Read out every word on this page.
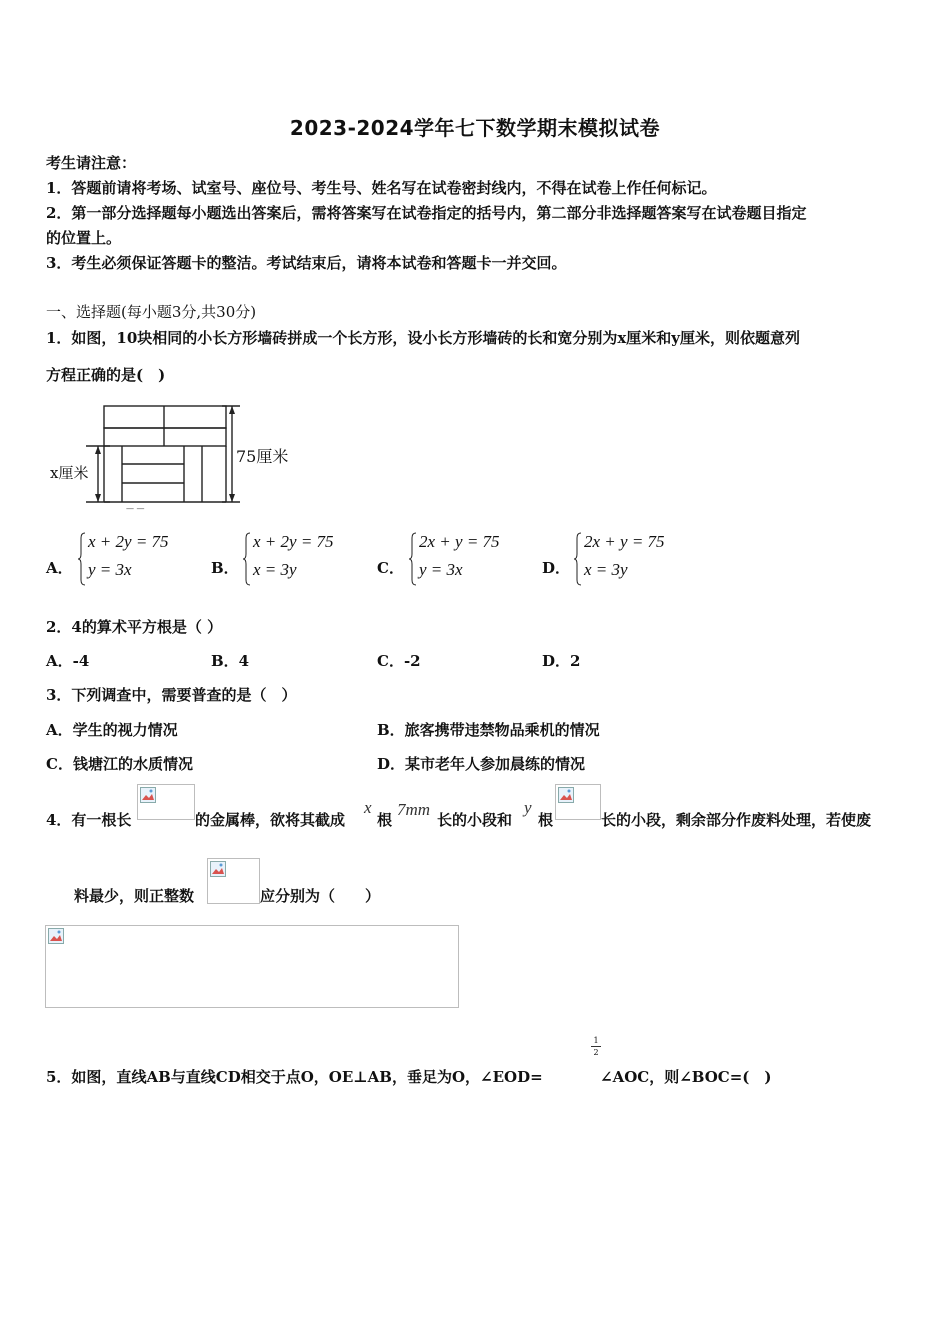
2023-2024学年七下数学期末模拟试卷
考生请注意：
1．答题前请将考场、试室号、座位号、考生号、姓名写在试卷密封线内，不得在试卷上作任何标记。
2．第一部分选择题每小题选出答案后，需将答案写在试卷指定的括号内，第二部分非选择题答案写在试卷题目指定
的位置上。
3．考生必须保证答题卡的整洁。考试结束后，请将本试卷和答题卡一并交回。
一、选择题(每小题3分,共30分)
1．如图，10块相同的小长方形墙砖拼成一个长方形，设小长方形墙砖的长和宽分别为x厘米和y厘米，则依题意列
方程正确的是(　)
— —
x厘米
75厘米
A．
x + 2y = 75
y = 3x	B．
x + 2y = 75
x = 3y	C．
2x + y = 75
y = 3x	D．
2x + y = 75
x = 3y
2．4的算术平方根是（ ）
A．-4	B．4	C．-2	D．2
3．下列调查中，需要普查的是（　）
A．学生的视力情况	B．旅客携带违禁物品乘机的情况
C．钱塘江的水质情况	D．某市老年人参加晨练的情况
4．有一根长	的金属棒，欲将其截成
x
根
7mm
长的小段和
y
根	长的小段，剩余部分作废料处理，若使废
料最少，则正整数	应分别为（　　）
5．如图，直线AB与直线CD相交于点O，OE⊥AB，垂足为O，∠EOD=
1
2
∠AOC，则∠BOC=(　)
